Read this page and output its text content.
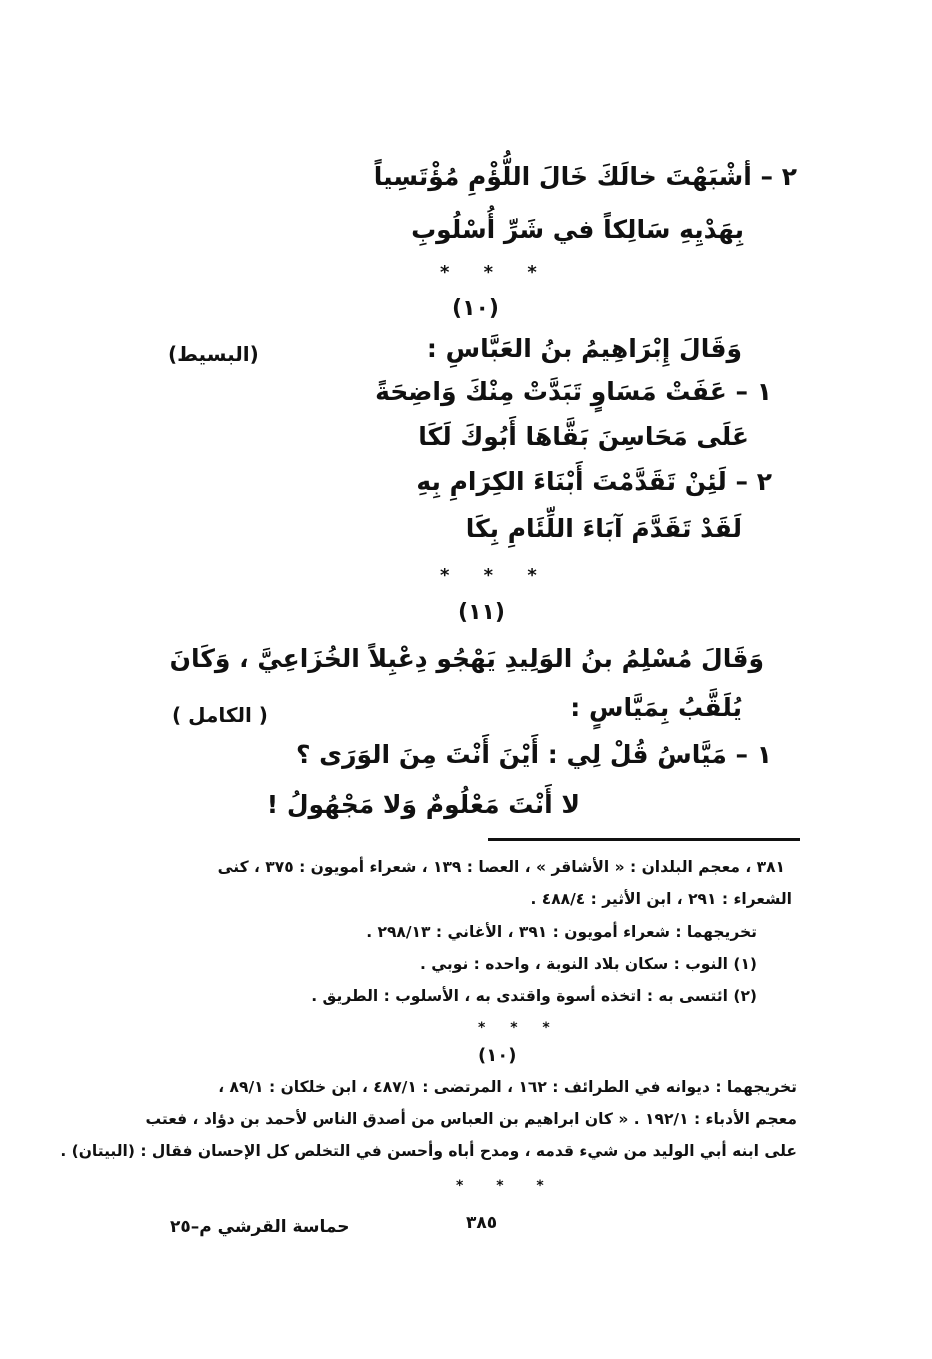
٢ – أشْبَهْتَ خالَكَ خَالَ اللُّؤْمِ مُؤْتَسِياً
بِهَدْيِهِ سَالِكاً في شَرِّ أُسْلُوبِ
* * *
(١٠)
وَقَالَ إِبْرَاهِيمُ بنُ العَبَّاسِ :
(البسيط)
١ – عَفَتْ مَسَاوٍ تَبَدَّتْ مِنْكَ وَاضِحَةً
عَلَى مَحَاسِنَ بَقَّاهَا أَبُوكَ لَكَا
٢ – لَئِنْ تَقَدَّمْتَ أَبْنَاءَ الكِرَامِ بِهِ
لَقَدْ تَقَدَّمَ آبَاءَ اللِّئَامِ بِكَا
* * *
(١١)
وَقَالَ مُسْلِمُ بنُ الوَلِيدِ يَهْجُو دِعْبِلاً الخُزَاعِيَّ ، وَكَانَ
يُلَقَّبُ بِمَيَّاسٍ :
( الكامل )
١ – مَيَّاسُ قُلْ لِي : أَيْنَ أَنْتَ مِنَ الوَرَى ؟
لا أَنْتَ مَعْلُومٌ وَلا مَجْهُولُ !
٣٨١ ، معجم البلدان : « الأشاقر » ، العصا : ١٣٩ ، شعراء أمويون : ٣٧٥ ، كنى
الشعراء : ٢٩١ ، ابن الأثير : ٤٨٨/٤ .
تخريجهما : شعراء أمويون : ٣٩١ ، الأغاني : ٢٩٨/١٣ .
(١) النوب : سكان بلاد النوبة ، واحده : نوبي .
(٢) ائتسى به : اتخذه أسوة واقتدى به ، الأسلوب : الطريق .
* * *
(١٠)
تخريجهما : ديوانه في الطرائف : ١٦٢ ، المرتضى : ٤٨٧/١ ، ابن خلكان : ٨٩/١ ،
معجم الأدباء : ١٩٢/١ . « كان ابراهيم بن العباس من أصدق الناس لأحمد بن دؤاد ، فعتب
على ابنه أبي الوليد من شيء قدمه ، ومدح أباه وأحسن في التخلص كل الإحسان فقال : (البيتان) .
* * *
٣٨٥
حماسة القرشي م–٢٥
